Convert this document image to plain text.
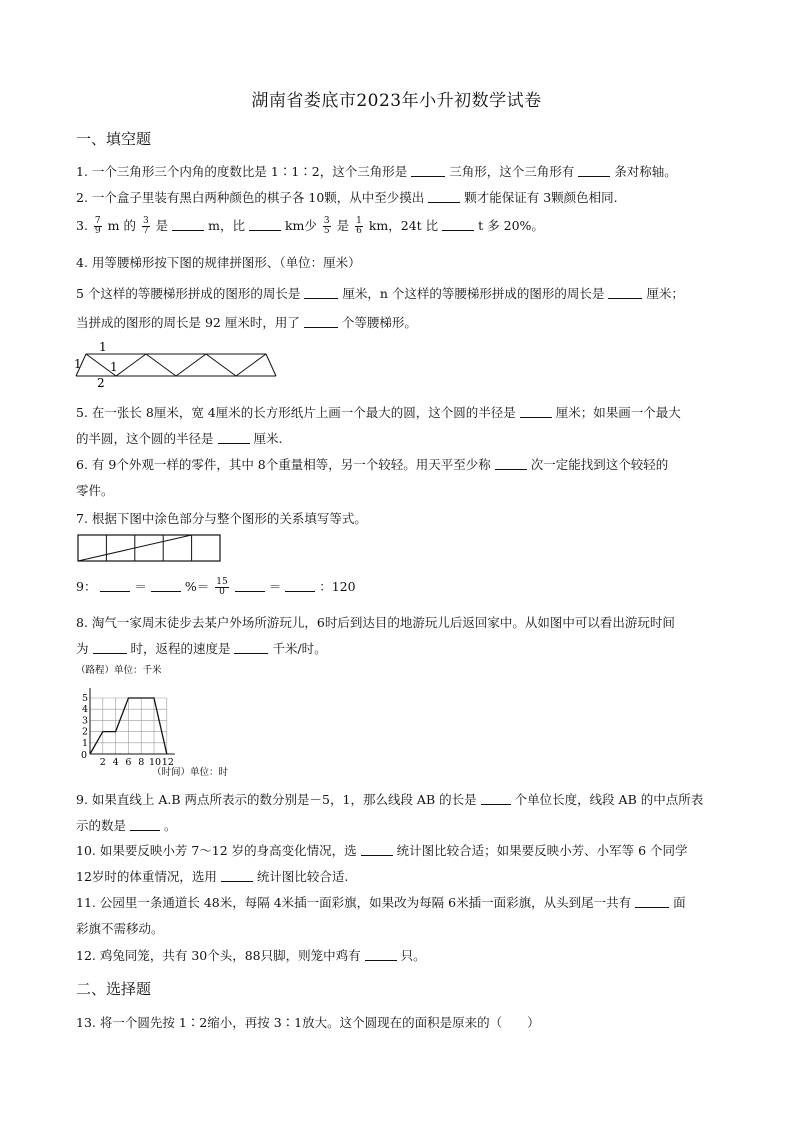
湖南省娄底市2023年小升初数学试卷
一、填空题
1. 一个三角形三个内角的度数比是 1∶1∶2，这个三角形是	三角形，这个三角形有	条对称轴。
2. 一个盒子里装有黑白两种颜色的棋子各 10颗，从中至少摸出	颗才能保证有 3颗颜色相同.
3. $\frac{7}{9}$ m 的 $\frac{3}{7}$ 是	m，比	km少 $\frac{3}{5}$ 是 $\frac{1}{6}$ km，24t 比	t 多 20%。
4. 用等腰梯形按下图的规律拼图形、（单位：厘米）
5 个这样的等腰梯形拼成的图形的周长是	厘米，n 个这样的等腰梯形拼成的图形的周长是	厘米；
当拼成的图形的周长是 92 厘米时，用了	个等腰梯形。
1
1 1
2
5. 在一张长 8厘米，宽 4厘米的长方形纸片上画一个最大的圆，这个圆的半径是	厘米；如果画一个最大
的半圆，这个圆的半径是	厘米.
6. 有 9个外观一样的零件，其中 8个重量相等，另一个较轻。用天平至少称	次一定能找到这个较轻的
零件。
7. 根据下图中涂色部分与整个图形的关系填写等式。
9：	＝	%＝ $\frac{15}{0}$	＝	：120
8. 淘气一家周末徒步去某户外场所游玩儿，6时后到达目的地游玩儿后返回家中。从如图中可以看出游玩时间
为	时，返程的速度是	千米/时。
（路程）单位：千米
（时间）单位：时
1
2
3
4
5
2 4 6 8 10 12
0
9. 如果直线上 A.B 两点所表示的数分别是－5，1，那么线段 AB 的长是	个单位长度，线段 AB 的中点所表
示的数是	。
10. 如果要反映小芳 7～12 岁的身高变化情况，选	统计图比较合适；如果要反映小芳、小军等 6 个同学
12岁时的体重情况，选用	统计图比较合适.
11. 公园里一条通道长 48米，每隔 4米插一面彩旗，如果改为每隔 6米插一面彩旗，从头到尾一共有	面
彩旗不需移动。
12. 鸡兔同笼，共有 30个头，88只脚，则笼中鸡有	只。
二、选择题
13. 将一个圆先按 1∶2缩小，再按 3∶1放大。这个圆现在的面积是原来的（　　）
